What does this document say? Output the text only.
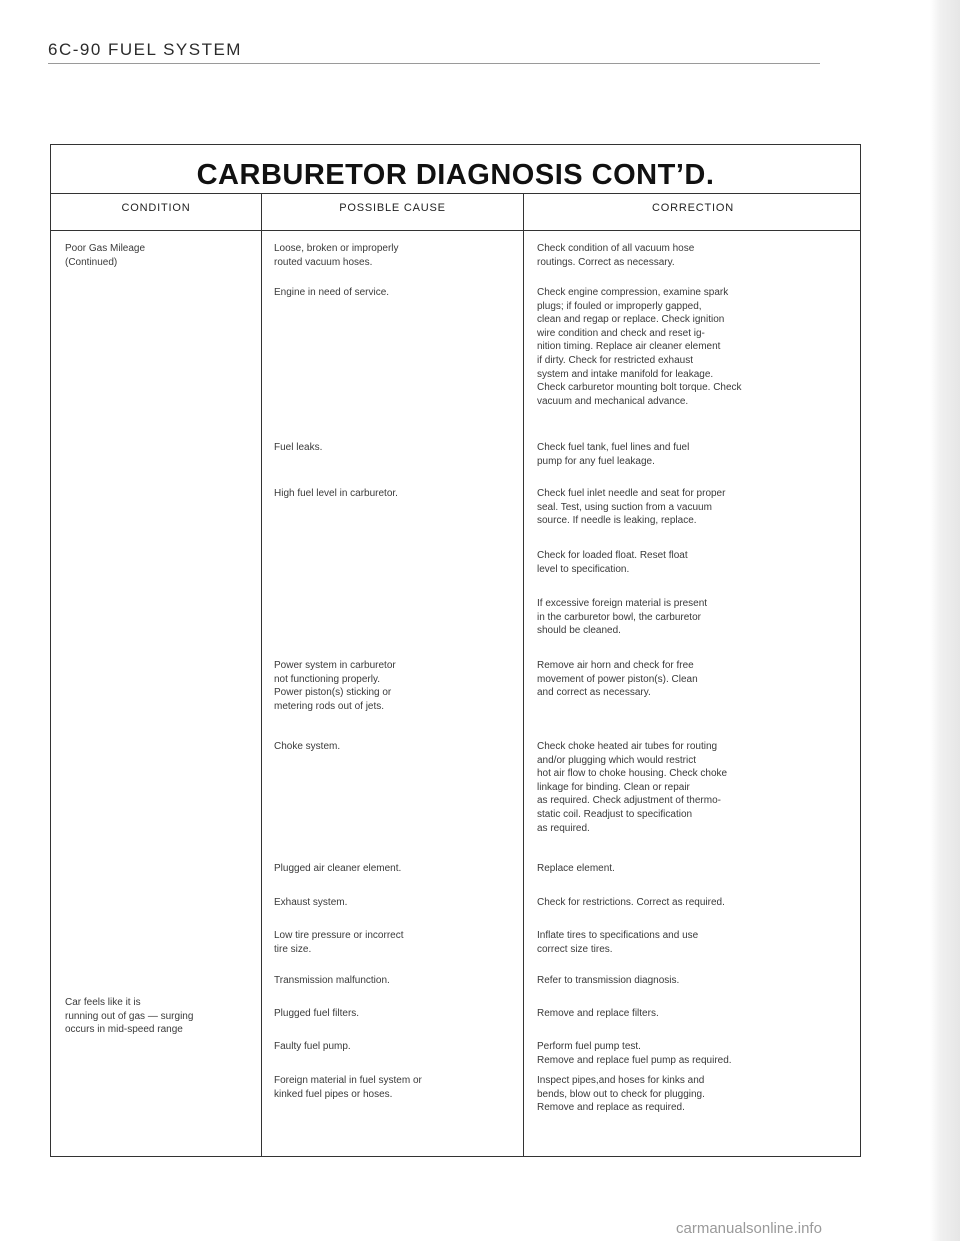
6C-90 FUEL SYSTEM
CARBURETOR DIAGNOSIS CONT’D.
CONDITION	POSSIBLE CAUSE	CORRECTION
Poor Gas Mileage
(Continued)
Car feels like it is
running out of gas — surging
occurs in mid-speed range
Loose, broken or improperly
routed vacuum hoses.
Engine in need of service.
Fuel leaks.
High fuel level in carburetor.
Power system in carburetor
not functioning properly.
Power piston(s) sticking or
metering rods out of jets.
Choke system.
Plugged air cleaner element.
Exhaust system.
Low tire pressure or incorrect
tire size.
Transmission malfunction.
Plugged fuel filters.
Faulty fuel pump.
Foreign material in fuel system or
kinked fuel pipes or hoses.
Check condition of all vacuum hose
routings. Correct as necessary.
Check engine compression, examine spark
plugs; if fouled or improperly gapped,
clean and regap or replace. Check ignition
wire condition and check and reset ig-
nition timing. Replace air cleaner element
if dirty. Check for restricted exhaust
system and intake manifold for leakage.
Check carburetor mounting bolt torque. Check
vacuum and mechanical advance.
Check fuel tank, fuel lines and fuel
pump for any fuel leakage.
Check fuel inlet needle and seat for proper
seal. Test, using suction from a vacuum
source. If needle is leaking, replace.
Check for loaded float. Reset float
level to specification.
If excessive foreign material is present
in the carburetor bowl, the carburetor
should be cleaned.
Remove air horn and check for free
movement of power piston(s). Clean
and correct as necessary.
Check choke heated air tubes for routing
and/or plugging which would restrict
hot air flow to choke housing. Check choke
linkage for binding. Clean or repair
as required. Check adjustment of thermo-
static coil. Readjust to specification
as required.
Replace element.
Check for restrictions. Correct as required.
Inflate tires to specifications and use
correct size tires.
Refer to transmission diagnosis.
Remove and replace filters.
Perform fuel pump test.
Remove and replace fuel pump as required.
Inspect pipes,and hoses for kinks and
bends, blow out to check for plugging.
Remove and replace as required.
carmanualsonline.info
